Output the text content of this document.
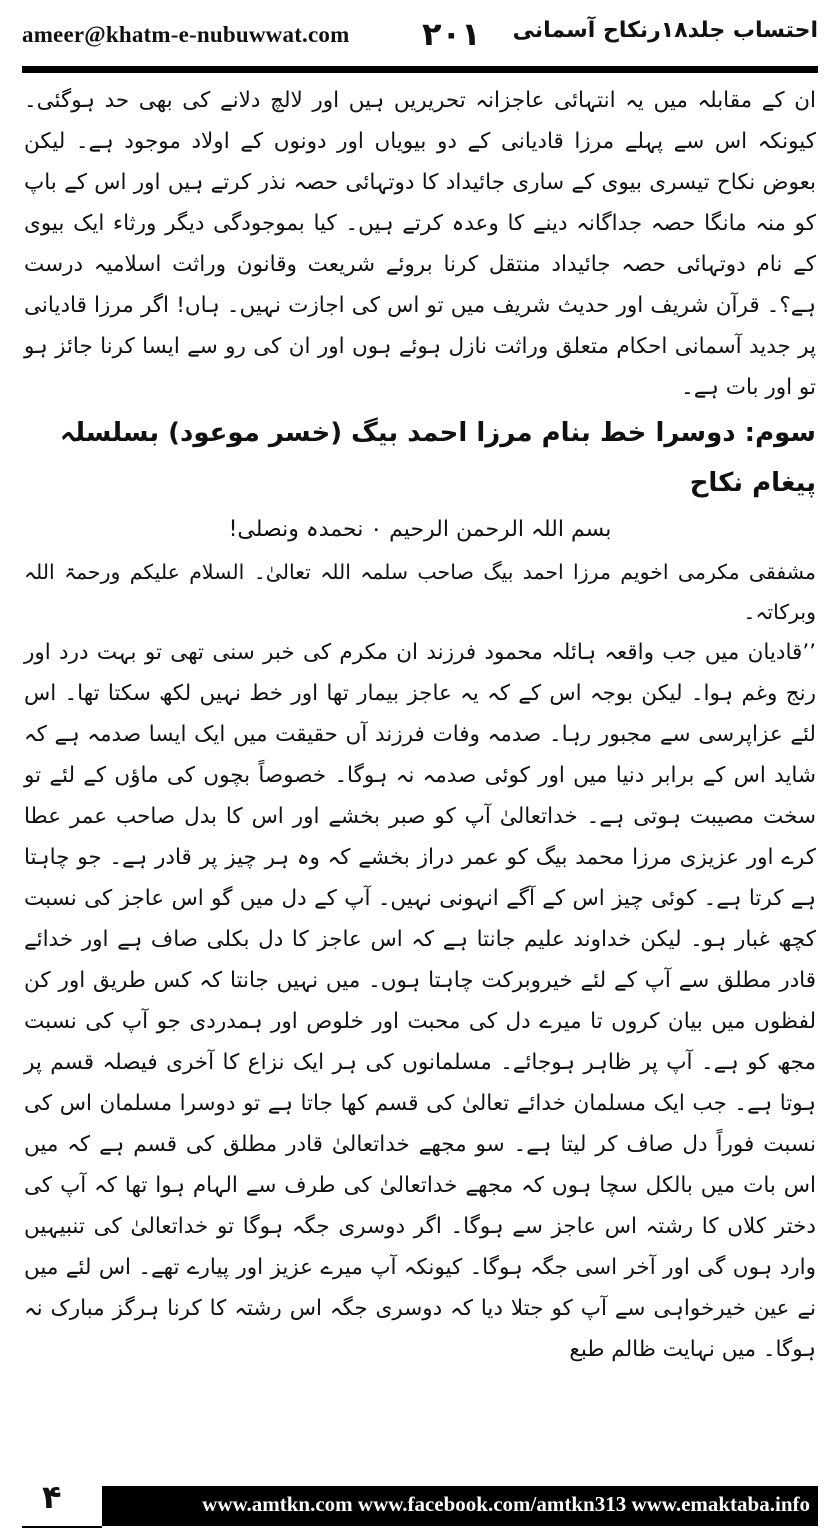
ameer@khatm-e-nubuwwat.com ۲۰۱ احتساب جلد۱۸رنکاح آسمانی

ان کے مقابلہ میں یہ انتہائی عاجزانہ تحریریں ہیں اور لالچ دلانے کی بھی حد ہوگئی۔ کیونکہ اس سے پہلے مرزا قادیانی کے دو بیویاں اور دونوں کے اولاد موجود ہے۔ لیکن بعوض نکاح تیسری بیوی کے ساری جائیداد کا دوتہائی حصہ نذر کرتے ہیں اور اس کے باپ کو منہ مانگا حصہ جداگانہ دینے کا وعدہ کرتے ہیں۔ کیا بموجودگی دیگر ورثاء ایک بیوی کے نام دوتہائی حصہ جائیداد منتقل کرنا بروئے شریعت وقانون وراثت اسلامیہ درست ہے؟۔ قرآن شریف اور حدیث شریف میں تو اس کی اجازت نہیں۔ ہاں! اگر مرزا قادیانی پر جدید آسمانی احکام متعلق وراثت نازل ہوئے ہوں اور ان کی رو سے ایسا کرنا جائز ہو تو اور بات ہے۔

سوم: دوسرا خط بنام مرزا احمد بیگ (خسر موعود) بسلسلہ پیغام نکاح

بسم اللہ الرحمن الرحیم ۰ نحمدہ ونصلی!

مشفقی مکرمی اخویم مرزا احمد بیگ صاحب سلمہ اللہ تعالیٰ۔ السلام علیکم ورحمۃ اللہ وبرکاتہ۔

’’قادیان میں جب واقعہ ہائلہ محمود فرزند ان مکرم کی خبر سنی تھی تو بہت درد اور رنج وغم ہوا۔ لیکن بوجہ اس کے کہ یہ عاجز بیمار تھا اور خط نہیں لکھ سکتا تھا۔ اس لئے عزاپرسی سے مجبور رہا۔ صدمہ وفات فرزند آں حقیقت میں ایک ایسا صدمہ ہے کہ شاید اس کے برابر دنیا میں اور کوئی صدمہ نہ ہوگا۔ خصوصاً بچوں کی ماؤں کے لئے تو سخت مصیبت ہوتی ہے۔ خداتعالیٰ آپ کو صبر بخشے اور اس کا بدل صاحب عمر عطا کرے اور عزیزی مرزا محمد بیگ کو عمر دراز بخشے کہ وہ ہر چیز پر قادر ہے۔ جو چاہتا ہے کرتا ہے۔ کوئی چیز اس کے آگے انہونی نہیں۔ آپ کے دل میں گو اس عاجز کی نسبت کچھ غبار ہو۔ لیکن خداوند علیم جانتا ہے کہ اس عاجز کا دل بکلی صاف ہے اور خدائے قادر مطلق سے آپ کے لئے خیروبرکت چاہتا ہوں۔ میں نہیں جانتا کہ کس طریق اور کن لفظوں میں بیان کروں تا میرے دل کی محبت اور خلوص اور ہمدردی جو آپ کی نسبت مجھ کو ہے۔ آپ پر ظاہر ہوجائے۔ مسلمانوں کی ہر ایک نزاع کا آخری فیصلہ قسم پر ہوتا ہے۔ جب ایک مسلمان خدائے تعالیٰ کی قسم کھا جاتا ہے تو دوسرا مسلمان اس کی نسبت فوراً دل صاف کر لیتا ہے۔ سو مجھے خداتعالیٰ قادر مطلق کی قسم ہے کہ میں اس بات میں بالکل سچا ہوں کہ مجھے خداتعالیٰ کی طرف سے الہام ہوا تھا کہ آپ کی دختر کلاں کا رشتہ اس عاجز سے ہوگا۔ اگر دوسری جگہ ہوگا تو خداتعالیٰ کی تنبیہیں وارد ہوں گی اور آخر اسی جگہ ہوگا۔ کیونکہ آپ میرے عزیز اور پیارے تھے۔ اس لئے میں نے عین خیرخواہی سے آپ کو جتلا دیا کہ دوسری جگہ اس رشتہ کا کرنا ہرگز مبارک نہ ہوگا۔ میں نہایت ظالم طبع

۴	www.amtkn.com www.facebook.com/amtkn313 www.emaktaba.info
